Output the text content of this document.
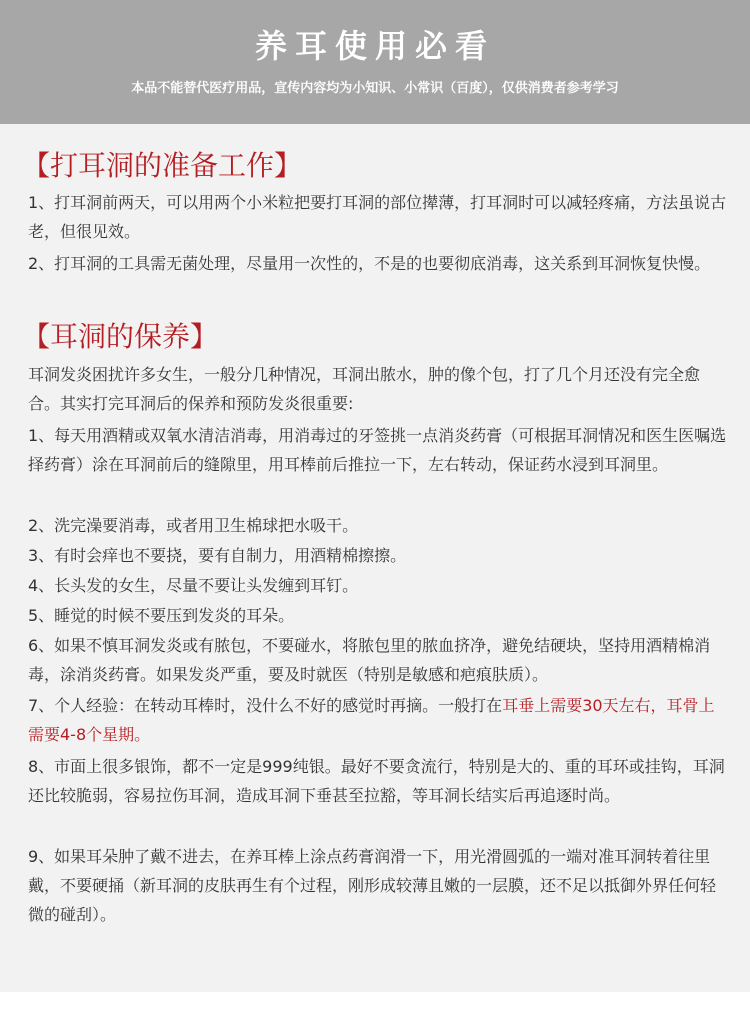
养耳使用必看
本品不能替代医疗用品，宣传内容均为小知识、小常识（百度），仅供消费者参考学习
【打耳洞的准备工作】
1、打耳洞前两天，可以用两个小米粒把要打耳洞的部位撵薄，打耳洞时可以减轻疼痛，方法虽说古老，但很见效。
2、打耳洞的工具需无菌处理，尽量用一次性的，不是的也要彻底消毒，这关系到耳洞恢复快慢。
【耳洞的保养】
耳洞发炎困扰许多女生，一般分几种情况，耳洞出脓水，肿的像个包，打了几个月还没有完全愈合。其实打完耳洞后的保养和预防发炎很重要:
1、每天用酒精或双氧水清洁消毒，用消毒过的牙签挑一点消炎药膏（可根据耳洞情况和医生医嘱选择药膏）涂在耳洞前后的缝隙里，用耳棒前后推拉一下，左右转动，保证药水浸到耳洞里。
2、洗完澡要消毒，或者用卫生棉球把水吸干。
3、有时会痒也不要挠，要有自制力，用酒精棉擦擦。
4、长头发的女生，尽量不要让头发缠到耳钉。
5、睡觉的时候不要压到发炎的耳朵。
6、如果不慎耳洞发炎或有脓包，不要碰水，将脓包里的脓血挤净，避免结硬块，坚持用酒精棉消毒，涂消炎药膏。如果发炎严重，要及时就医（特别是敏感和疤痕肤质）。
7、个人经验：在转动耳棒时，没什么不好的感觉时再摘。一般打在耳垂上需要30天左右，耳骨上需要4-8个星期。
8、市面上很多银饰，都不一定是999纯银。最好不要贪流行，特别是大的、重的耳环或挂钩，耳洞还比较脆弱，容易拉伤耳洞，造成耳洞下垂甚至拉豁，等耳洞长结实后再追逐时尚。
9、如果耳朵肿了戴不进去，在养耳棒上涂点药膏润滑一下，用光滑圆弧的一端对准耳洞转着往里戴，不要硬捅（新耳洞的皮肤再生有个过程，刚形成较薄且嫩的一层膜，还不足以抵御外界任何轻微的碰刮）。
